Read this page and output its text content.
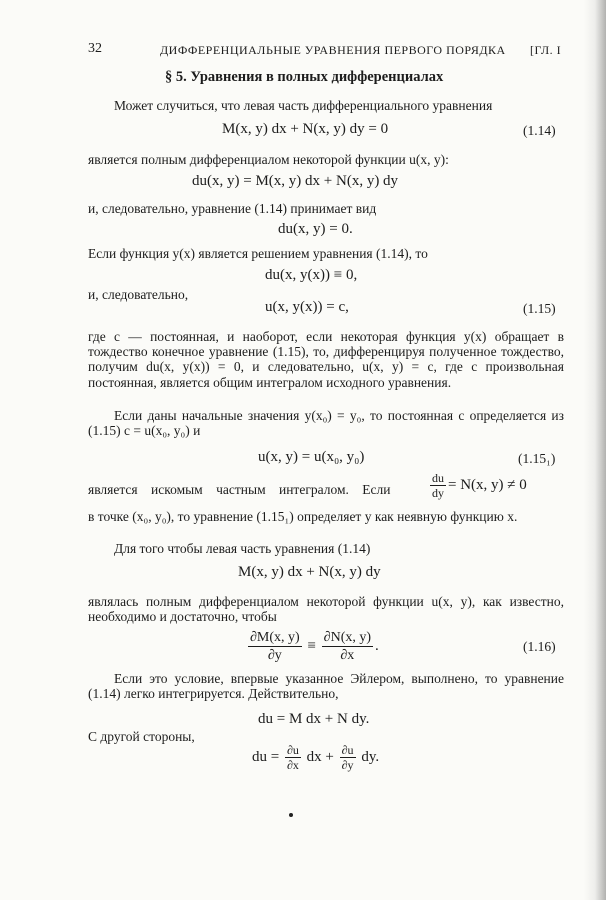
32	ДИФФЕРЕНЦИАЛЬНЫЕ УРАВНЕНИЯ ПЕРВОГО ПОРЯДКА [ГЛ. I
§ 5. Уравнения в полных дифференциалах
Может случиться, что левая часть дифференциального уравнения
M(x, y) dx + N(x, y) dy = 0	(1.14)
является полным дифференциалом некоторой функции u(x, y):
du(x, y) = M(x, y) dx + N(x, y) dy
и, следовательно, уравнение (1.14) принимает вид
du(x, y) = 0.
Если функция y(x) является решением уравнения (1.14), то
du(x, y(x)) ≡ 0,
и, следовательно,
u(x, y(x)) = c,	(1.15)
где c — постоянная, и наоборот, если некоторая функция y(x) обращает в тождество конечное уравнение (1.15), то, дифференцируя полученное тождество, получим du(x, y(x)) = 0, и следовательно, u(x, y) = c, где c произвольная постоянная, является общим интегралом исходного уравнения.
Если даны начальные значения y(x₀) = y₀, то постоянная c определяется из (1.15) c = u(x₀, y₀) и
u(x, y) = u(x₀, y₀)	(1.15₁)
является искомым частным интегралом. Если	$\frac{du}{dy} = N(x$, y) ≠ 0
в точке (x₀, y₀), то уравнение (1.15₁) определяет y как неявную функцию x.
Для того чтобы левая часть уравнения (1.14)
M(x, y) dx + N(x, y) dy
являлась полным дифференциалом некоторой функции u(x, y), как известно, необходимо и достаточно, чтобы
$\frac{\partial M(x, y)}{\partial y} \equiv \frac{\partial N(x, y)}{\partial x}$ .	(1.16)
Если это условие, впервые указанное Эйлером, выполнено, то уравнение (1.14) легко интегрируется. Действительно,
du = M dx + N dy.
С другой стороны,
du = $\frac{\partial u}{\partial x}$ dx + $\frac{\partial u}{\partial y}$ dy.
